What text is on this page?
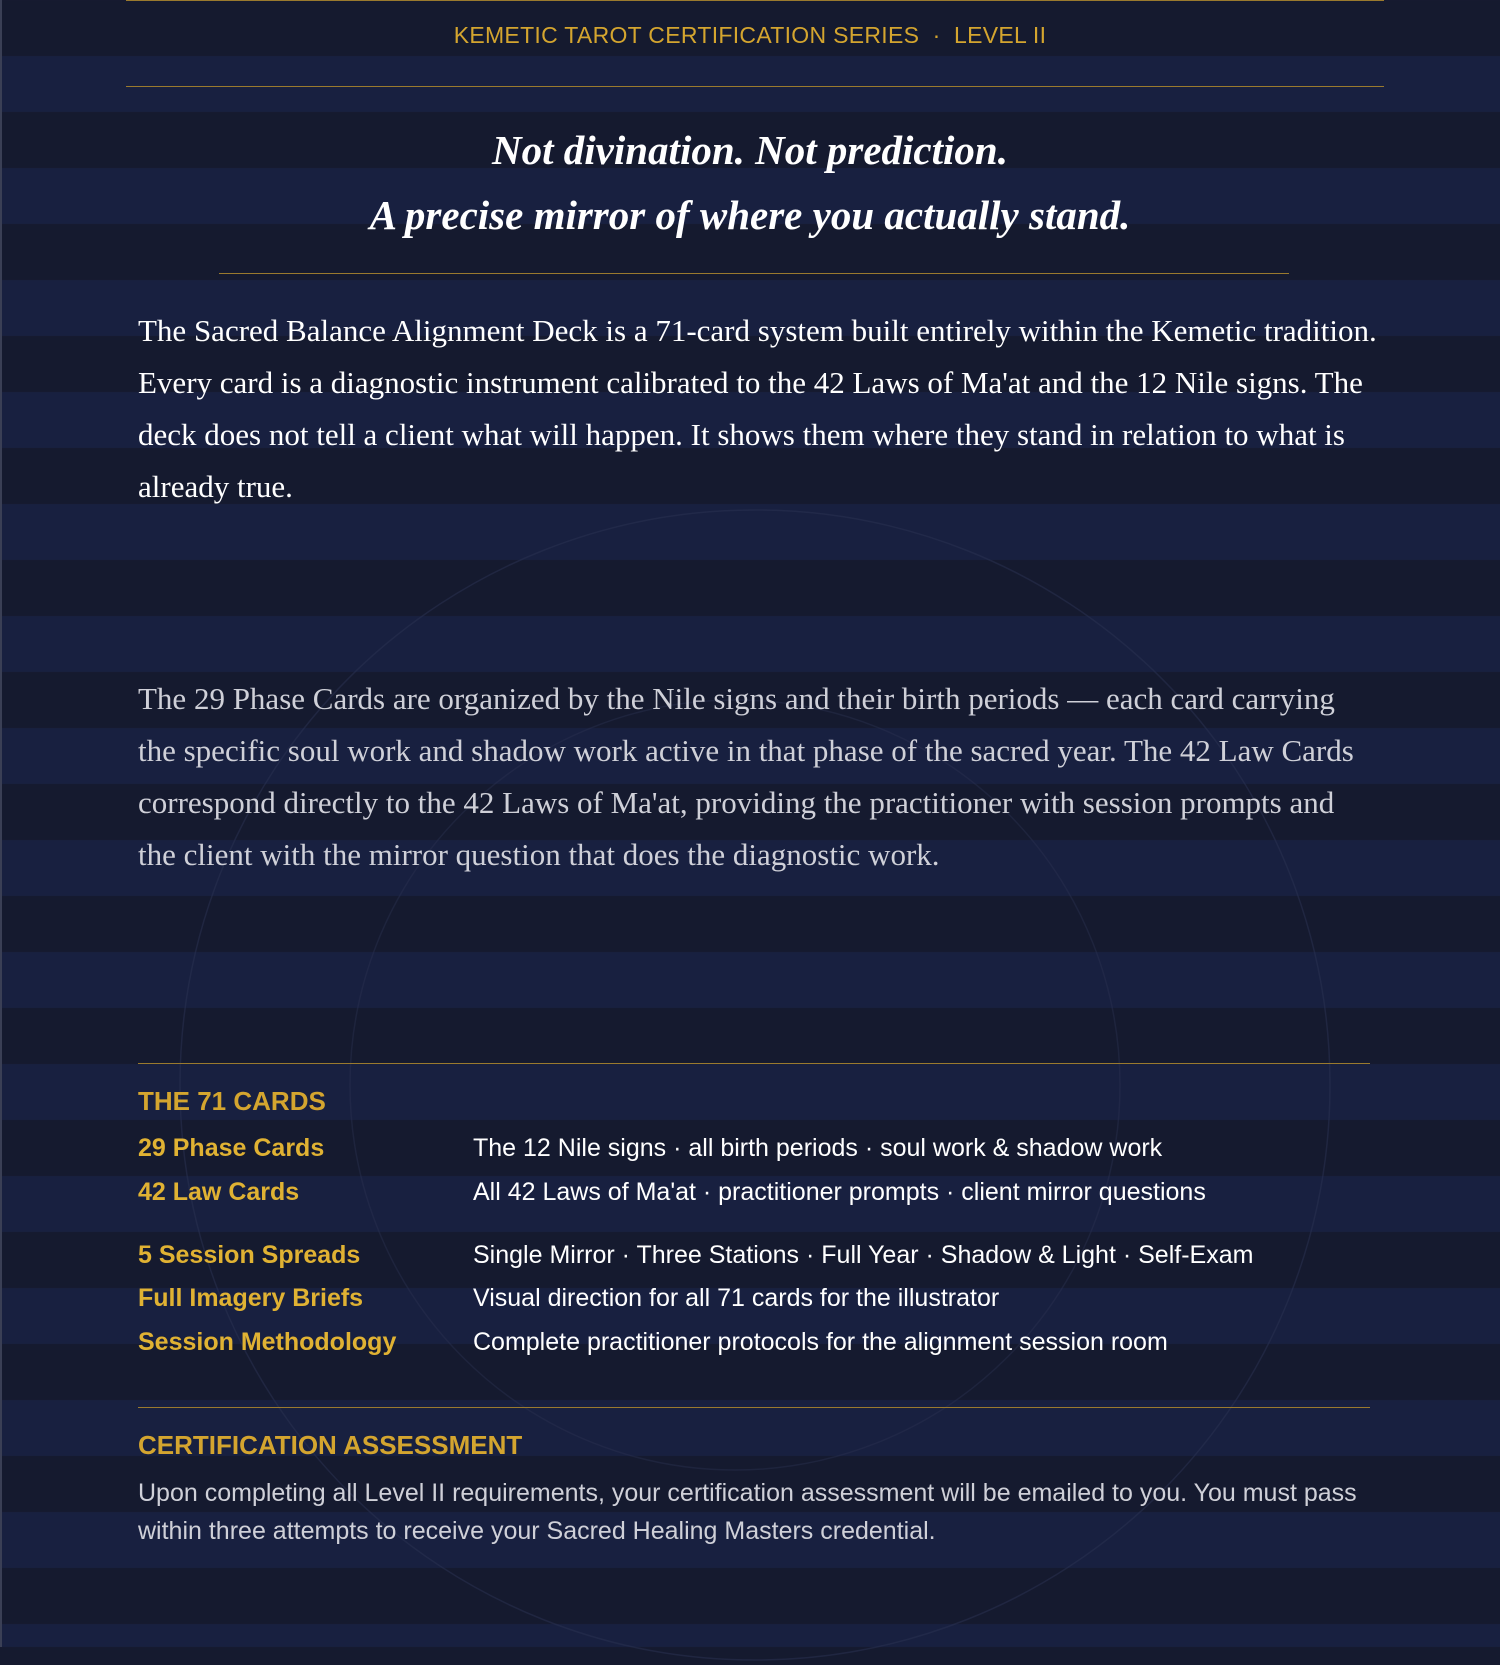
KEMETIC TAROT CERTIFICATION SERIES  ·  LEVEL II
Not divination. Not prediction.
A precise mirror of where you actually stand.
The Sacred Balance Alignment Deck is a 71-card system built entirely within the Kemetic tradition. Every card is a diagnostic instrument calibrated to the 42 Laws of Ma'at and the 12 Nile signs. The deck does not tell a client what will happen. It shows them where they stand in relation to what is already true.
The 29 Phase Cards are organized by the Nile signs and their birth periods — each card carrying the specific soul work and shadow work active in that phase of the sacred year. The 42 Law Cards correspond directly to the 42 Laws of Ma'at, providing the practitioner with session prompts and the client with the mirror question that does the diagnostic work.
THE 71 CARDS
29 Phase Cards	The 12 Nile signs · all birth periods · soul work & shadow work
42 Law Cards	All 42 Laws of Ma'at · practitioner prompts · client mirror questions
5 Session Spreads	Single Mirror · Three Stations · Full Year · Shadow & Light · Self-Exam
Full Imagery Briefs	Visual direction for all 71 cards for the illustrator
Session Methodology	Complete practitioner protocols for the alignment session room
CERTIFICATION ASSESSMENT
Upon completing all Level II requirements, your certification assessment will be emailed to you. You must pass within three attempts to receive your Sacred Healing Masters credential.
